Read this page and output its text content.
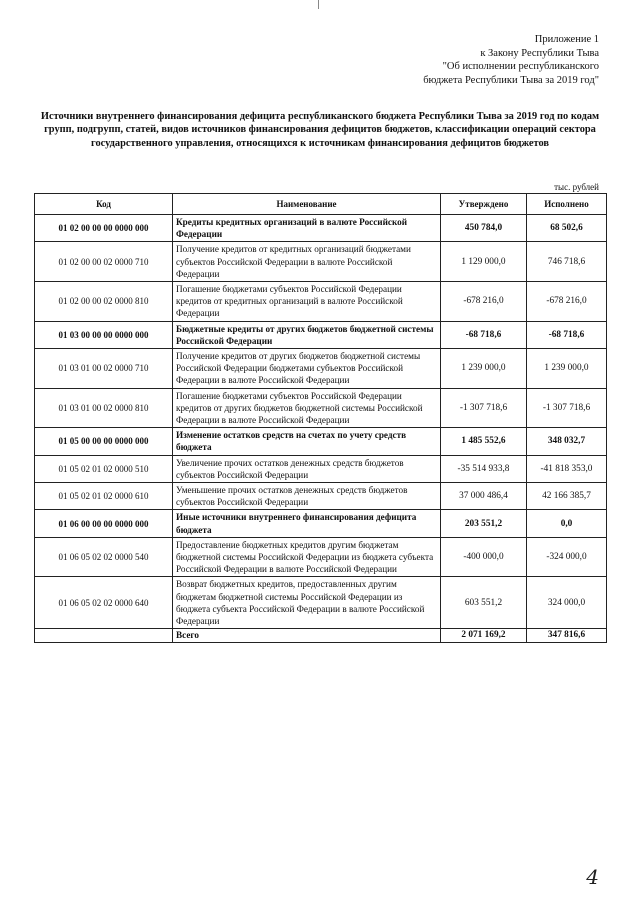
Приложение 1
к Закону Республики Тыва
"Об исполнении республиканского
бюджета Республики Тыва за 2019 год"
Источники внутреннего финансирования дефицита республиканского бюджета Республики Тыва за 2019 год по кодам групп, подгрупп, статей, видов источников финансирования дефицитов бюджетов, классификации операций сектора государственного управления, относящихся к источникам финансирования дефицитов бюджетов
тыс. рублей
Код	Наименование	Утверждено	Исполнено
01 02 00 00 00 0000 000	Кредиты кредитных организаций в валюте Российской Федерации	450 784,0	68 502,6
01 02 00 00 02 0000 710	Получение кредитов от кредитных организаций бюджетами субъектов Российской Федерации в валюте Российской Федерации	1 129 000,0	746 718,6
01 02 00 00 02 0000 810	Погашение бюджетами субъектов Российской Федерации кредитов от кредитных организаций в валюте Российской Федерации	-678 216,0	-678 216,0
01 03 00 00 00 0000 000	Бюджетные кредиты от других бюджетов бюджетной системы Российской Федерации	-68 718,6	-68 718,6
01 03 01 00 02 0000 710	Получение кредитов от других бюджетов бюджетной системы Российской Федерации бюджетами субъектов Российской Федерации в валюте Российской Федерации	1 239 000,0	1 239 000,0
01 03 01 00 02 0000 810	Погашение бюджетами субъектов Российской Федерации кредитов от других бюджетов бюджетной системы Российской Федерации в валюте Российской Федерации	-1 307 718,6	-1 307 718,6
01 05 00 00 00 0000 000	Изменение остатков средств на счетах по учету средств бюджета	1 485 552,6	348 032,7
01 05 02 01 02 0000 510	Увеличение прочих остатков денежных средств бюджетов субъектов Российской Федерации	-35 514 933,8	-41 818 353,0
01 05 02 01 02 0000 610	Уменьшение прочих остатков денежных средств бюджетов субъектов Российской Федерации	37 000 486,4	42 166 385,7
01 06 00 00 00 0000 000	Иные источники внутреннего финансирования дефицита бюджета	203 551,2	0,0
01 06 05 02 02 0000 540	Предоставление бюджетных кредитов другим бюджетам бюджетной системы Российской Федерации из бюджета субъекта Российской Федерации в валюте Российской Федерации	-400 000,0	-324 000,0
01 06 05 02 02 0000 640	Возврат бюджетных кредитов, предоставленных другим бюджетам бюджетной системы Российской Федерации из бюджета субъекта Российской Федерации в валюте Российской Федерации	603 551,2	324 000,0
	Всего	2 071 169,2	347 816,6
4
